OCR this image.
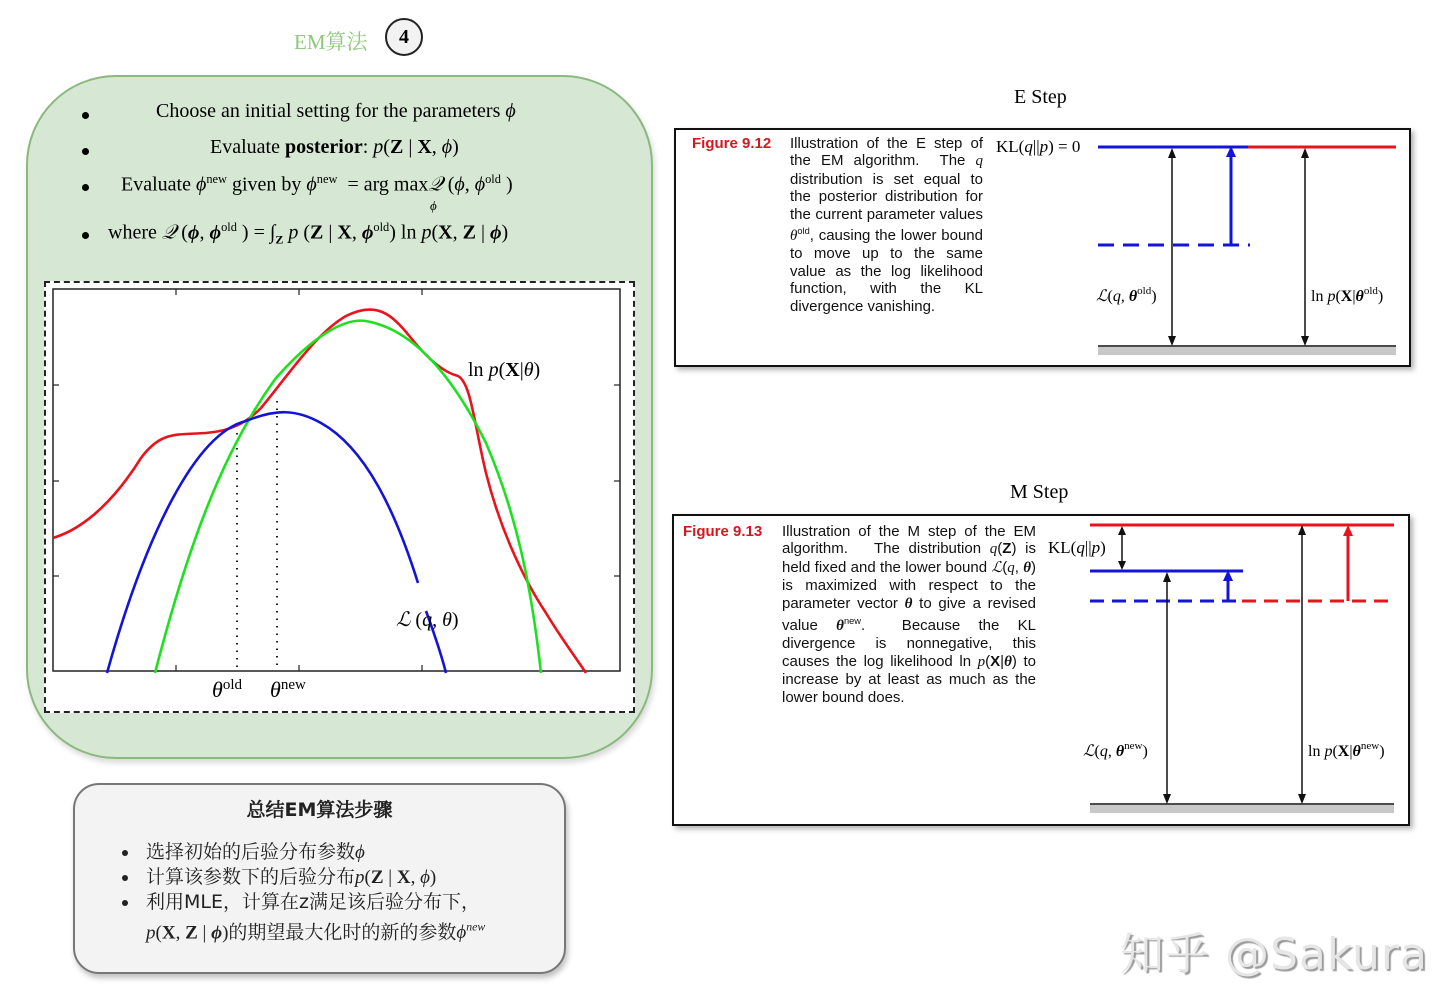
EM算法	4
Choose an initial setting for the parameters ϕ
Evaluate posterior: p(Z | X, ϕ)
Evaluate $\phi^{new}$ given by $\phi^{new}$  = arg max𝒬 (ϕ, $\phi^{old}$ )
ϕ
where 𝒬 (ϕ, $\phi^{old}$ ) = $\int_Z$ p (Z | X, $\phi^{old}$) ln p(X, Z | ϕ)
ln p(X|θ)
ℒ (q, θ)
$\theta^{old}$ $\theta^{new}$
总结EM算法步骤
选择初始的后验分布参数ϕ
计算该参数下的后验分布p(Z | X, ϕ)
利用MLE，计算在z满足该后验分布下，
p(X, Z | ϕ)的期望最大化时的新的参数$\phi^{new}$
E Step
Figure 9.12 Illustration of the E step of the EM algorithm.  The q distribution is set equal to the posterior distribution for the current parameter values $\theta^{old}$, causing the lower bound to move up to the same value as the log likelihood function, with the KL divergence vanishing.
KL(q||p) = 0
ℒ(q, $\theta^{old}$)	$\ln p(X|\theta^{old})$
M Step
Figure 9.13 Illustration of the M step of the EM algorithm.   The distribution q(Z) is held fixed and the lower bound ℒ(q, θ) is maximized with respect to the parameter vector θ to give a revised value $\theta^{new}$.  Because the KL divergence is nonnegative, this causes the log likelihood ln p(X|θ) to increase by at least as much as the lower bound does.
KL(q||p)
ℒ(q, $\theta^{new}$)	$\ln p(X|\theta^{new})$
知乎 @Sakura
